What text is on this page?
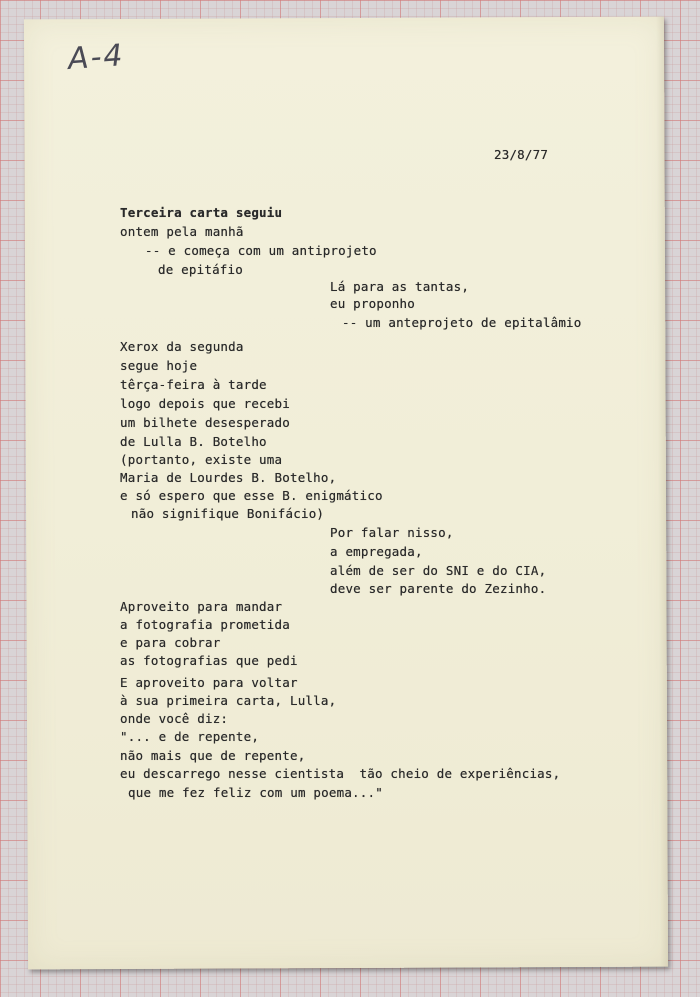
A-4
23/8/77
Terceira carta seguiu
ontem pela manhã
-- e começa com um antiprojeto
de epitáfio
Lá para as tantas,
eu proponho
-- um anteprojeto de epitalâmio
Xerox da segunda
segue hoje
têrça-feira à tarde
logo depois que recebi
um bilhete desesperado
de Lulla B. Botelho
(portanto, existe uma
Maria de Lourdes B. Botelho,
e só espero que esse B. enigmático
não signifique Bonifácio)
Por falar nisso,
a empregada,
além de ser do SNI e do CIA,
deve ser parente do Zezinho.
Aproveito para mandar
a fotografia prometida
e para cobrar
as fotografias que pedi
E aproveito para voltar
à sua primeira carta, Lulla,
onde você diz:
"... e de repente,
não mais que de repente,
eu descarrego nesse cientista  tão cheio de experiências,
que me fez feliz com um poema..."
